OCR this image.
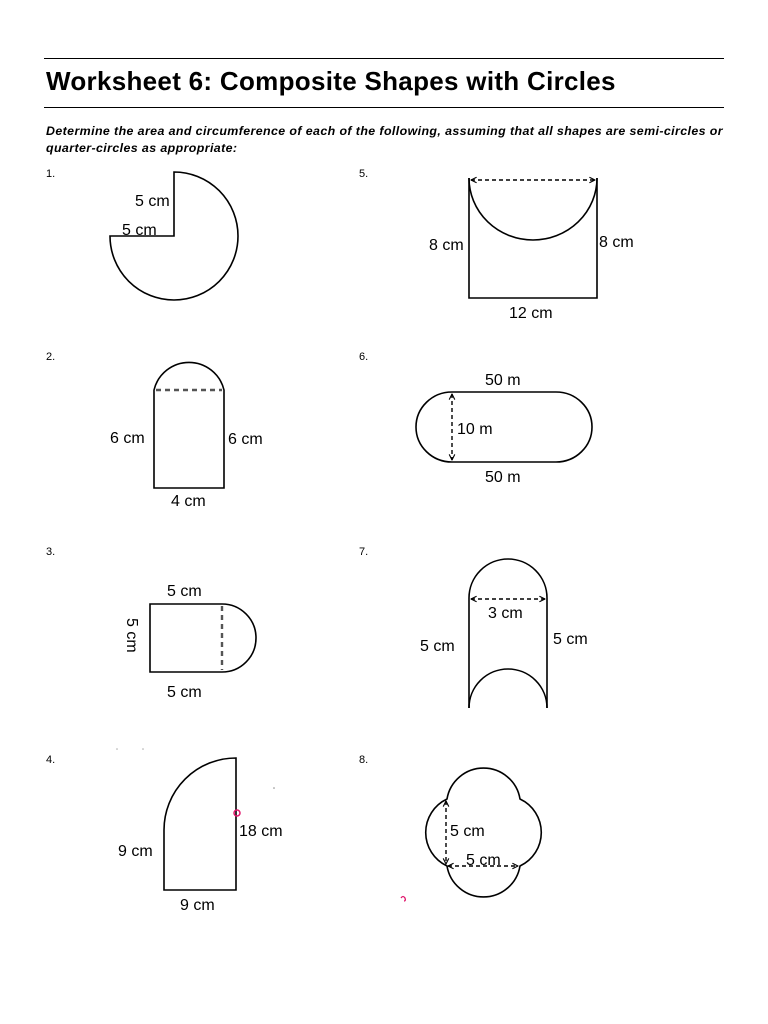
Worksheet 6: Composite Shapes with Circles

Determine the area and circumference of each of the following, assuming that all shapes are semi-circles or quarter-circles as appropriate:

1.
2.
3.
4.
5.
6.
7.
8.
5 cm
5 cm
6 cm	6 cm
4 cm
5 cm
5 cm
5 cm
9 cm
18 cm
9 cm
8 cm	8 cm
12 cm
50 m
10 m
50 m
3 cm
5 cm	5 cm
5 cm
5 cm
